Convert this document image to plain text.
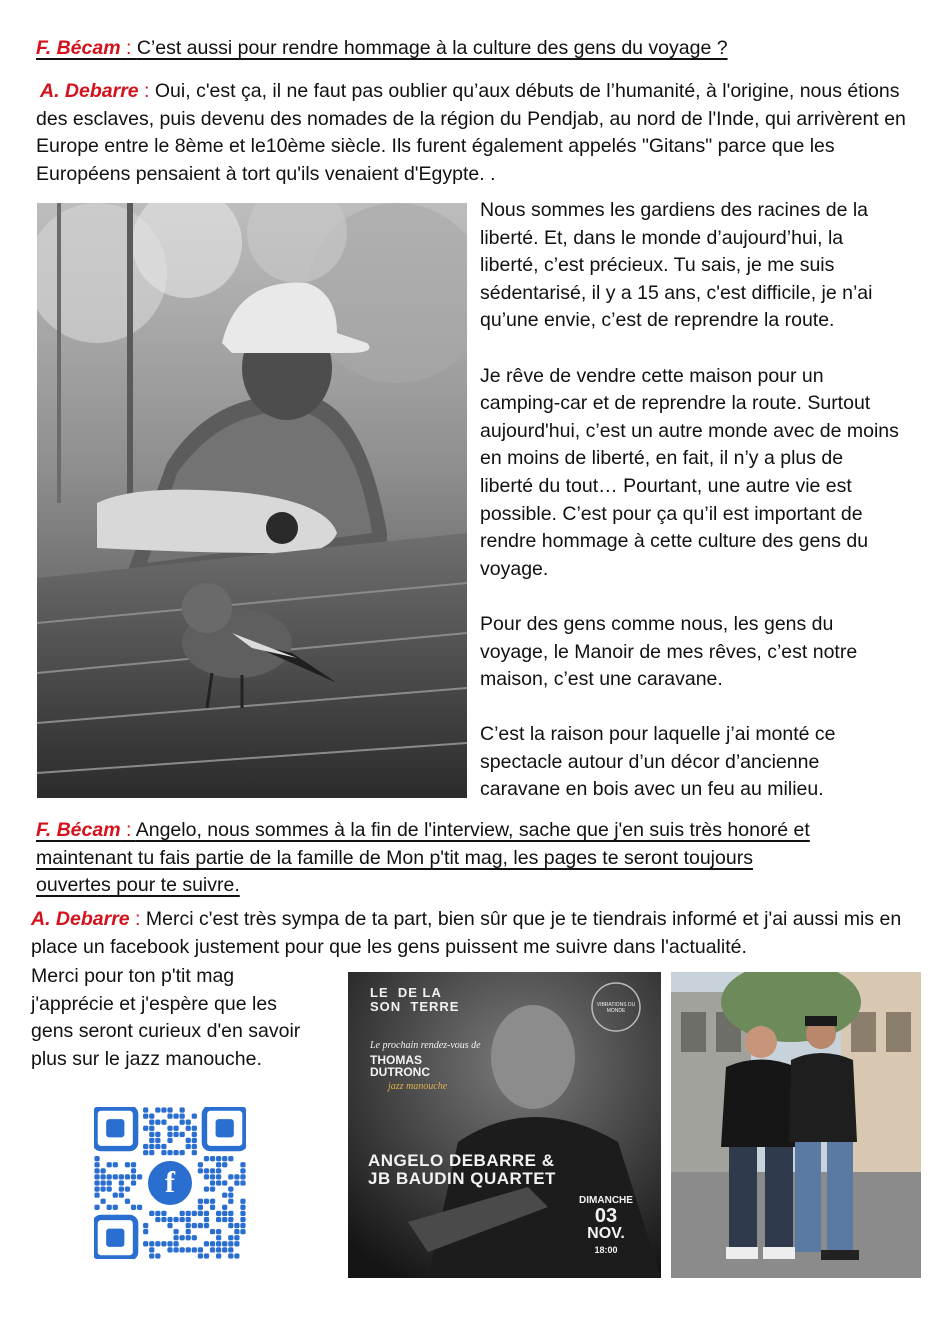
F. Bécam : C’est aussi pour rendre hommage à la culture des gens du voyage ?
A. Debarre : Oui, c'est ça, il ne faut pas oublier qu’aux débuts de l’humanité, à l'origine, nous étions des esclaves, puis devenu des nomades de la région du Pendjab, au nord de l'Inde, qui arrivèrent en Europe entre le 8ème et le10ème siècle. Ils furent également appelés "Gitans" parce que les Européens pensaient à tort qu'ils venaient d'Egypte. .

Nous sommes les gardiens des racines de la liberté. Et, dans le monde d’aujourd’hui, la liberté, c’est précieux. Tu sais, je me suis sédentarisé, il y a 15 ans, c'est difficile, je n’ai qu’une envie, c’est de reprendre la route.

Je rêve de vendre cette maison pour un camping-car et de reprendre la route. Surtout aujourd'hui, c’est un autre monde avec de moins en moins de liberté, en fait, il n’y a plus de liberté du tout… Pourtant, une autre vie est possible. C’est pour ça qu’il est important de rendre hommage à cette culture des gens du voyage.

Pour des gens comme nous, les gens du voyage, le Manoir de mes rêves, c’est notre maison, c’est une caravane.

C’est la raison pour laquelle j’ai monté ce spectacle autour d’un décor d’ancienne caravane en bois avec un feu au milieu.

F. Bécam : Angelo, nous sommes à la fin de l'interview, sache que j'en suis très honoré et
maintenant tu fais partie de la famille de Mon p'tit mag, les pages te seront toujours
ouvertes pour te suivre.
A. Debarre : Merci c'est très sympa de ta part, bien sûr que je te tiendrais informé et j'ai aussi mis en place un facebook justement pour que les gens puissent me suivre dans l'actualité.
Merci pour ton p'tit mag j'apprécie et j'espère que les gens seront curieux d'en savoir plus sur le jazz manouche.
f
LE DE LA
SON TERRE	VIBRATIONS DU MONDE
Le prochain rendez-vous de
THOMAS
DUTRONC
jazz manouche
ANGELO DEBARRE &
JB BAUDIN QUARTET
DIMANCHE
03
NOV.
18:00
